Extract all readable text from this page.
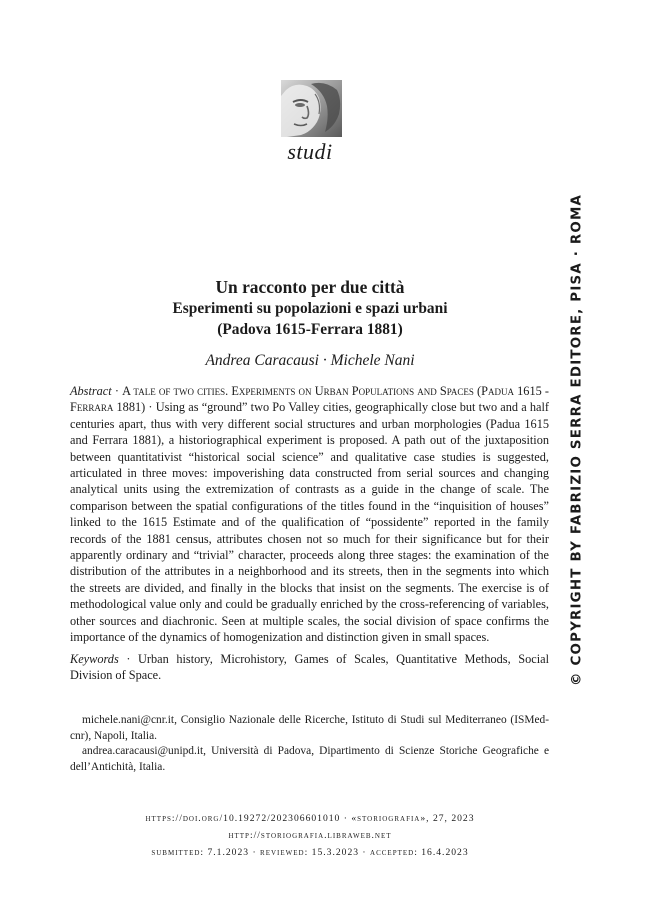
studi
© COPYRIGHT BY FABRIZIO SERRA EDITORE, PISA · ROMA
Un racconto per due città
Esperimenti su popolazioni e spazi urbani
(Padova 1615-Ferrara 1881)
Andrea Caracausi · Michele Nani

Abstract · A tale of two cities. Experiments on Urban Populations and Spaces (Padua 1615 - Ferrara 1881) · Using as “ground” two Po Valley cities, geographically close but two and a half centuries apart, thus with very different social structures and urban morphologies (Padua 1615 and Ferrara 1881), a historiographical experiment is proposed. A path out of the juxtaposition between quantitativist “historical social science” and qualitative case studies is suggested, articulated in three moves: impoverishing data constructed from serial sources and changing analytical units using the extremization of contrasts as a guide in the change of scale. The comparison between the spatial configurations of the titles found in the “inquisition of houses” linked to the 1615 Estimate and of the qualification of “possidente” reported in the family records of the 1881 census, attributes chosen not so much for their significance but for their apparently ordinary and “trivial” character, proceeds along three stages: the examination of the distribution of the attributes in a neighborhood and its streets, then in the segments into which the streets are divided, and finally in the blocks that insist on the segments. The exercise is of methodological value only and could be gradually enriched by the cross-referencing of variables, other sources and diachronic. Seen at multiple scales, the social division of space confirms the importance of the dynamics of homogenization and distinction given in small spaces.

Keywords · Urban history, Microhistory, Games of Scales, Quantitative Methods, Social Division of Space.

michele.nani@cnr.it, Consiglio Nazionale delle Ricerche, Istituto di Studi sul Mediterraneo (ISMed-cnr), Napoli, Italia.

andrea.caracausi@unipd.it, Università di Padova, Dipartimento di Scienze Storiche Geografiche e dell’Antichità, Italia.

https://doi.org/10.19272/202306601010 · «storiografia», 27, 2023
http://storiografia.libraweb.net
submitted: 7.1.2023 · reviewed: 15.3.2023 · accepted: 16.4.2023
